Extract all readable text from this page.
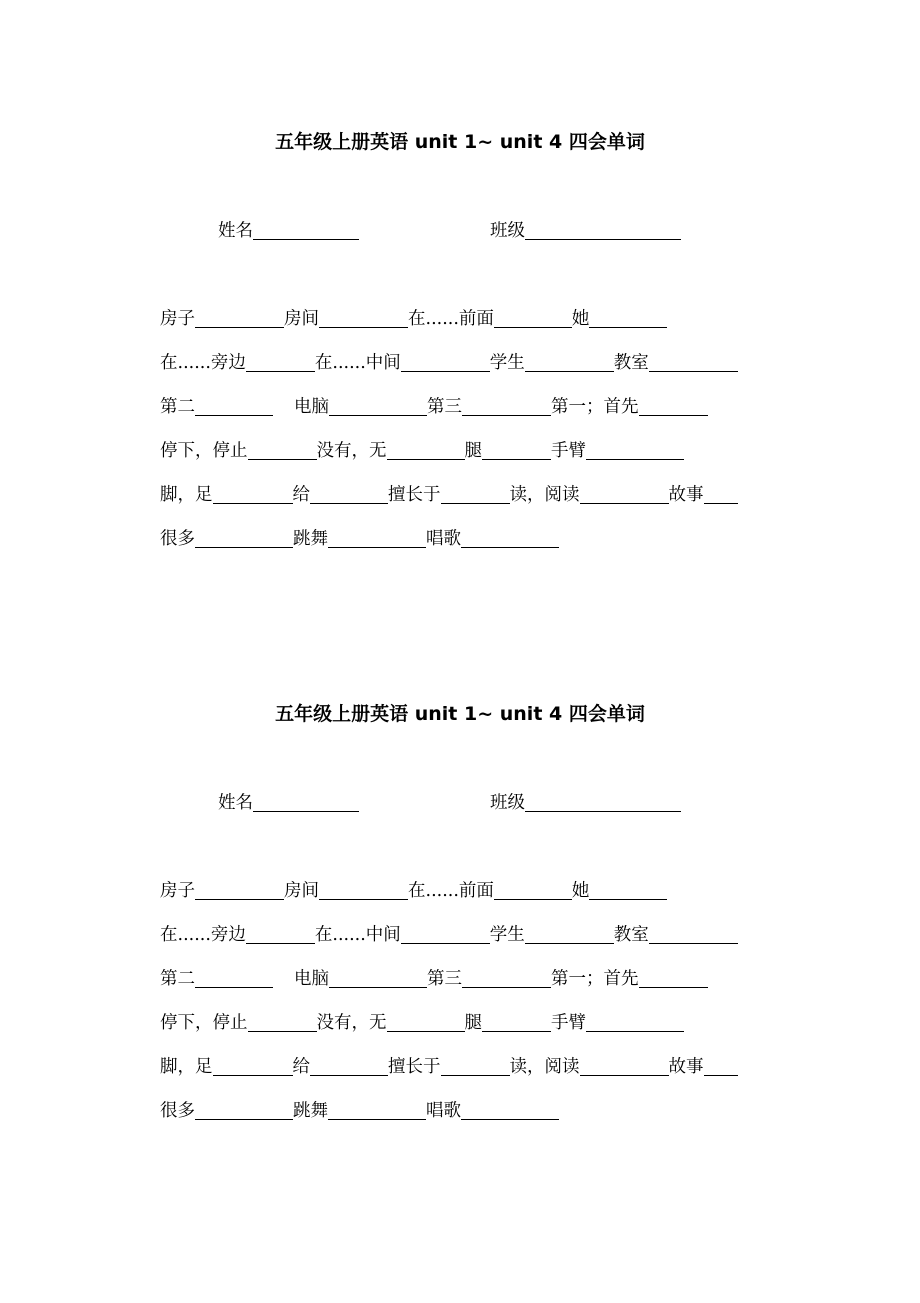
五年级上册英语 unit 1~ unit 4 四会单词
姓名	班级
房子	房间	在......前面	她
在......旁边	在......中间	学生	教室
第二	电脑	第三	第一；首先
停下，停止	没有，无	腿	手臂
脚，足	给	擅长于	读，阅读	故事
很多	跳舞	唱歌
五年级上册英语 unit 1~ unit 4 四会单词
姓名	班级
房子	房间	在......前面	她
在......旁边	在......中间	学生	教室
第二	电脑	第三	第一；首先
停下，停止	没有，无	腿	手臂
脚，足	给	擅长于	读，阅读	故事
很多	跳舞	唱歌
